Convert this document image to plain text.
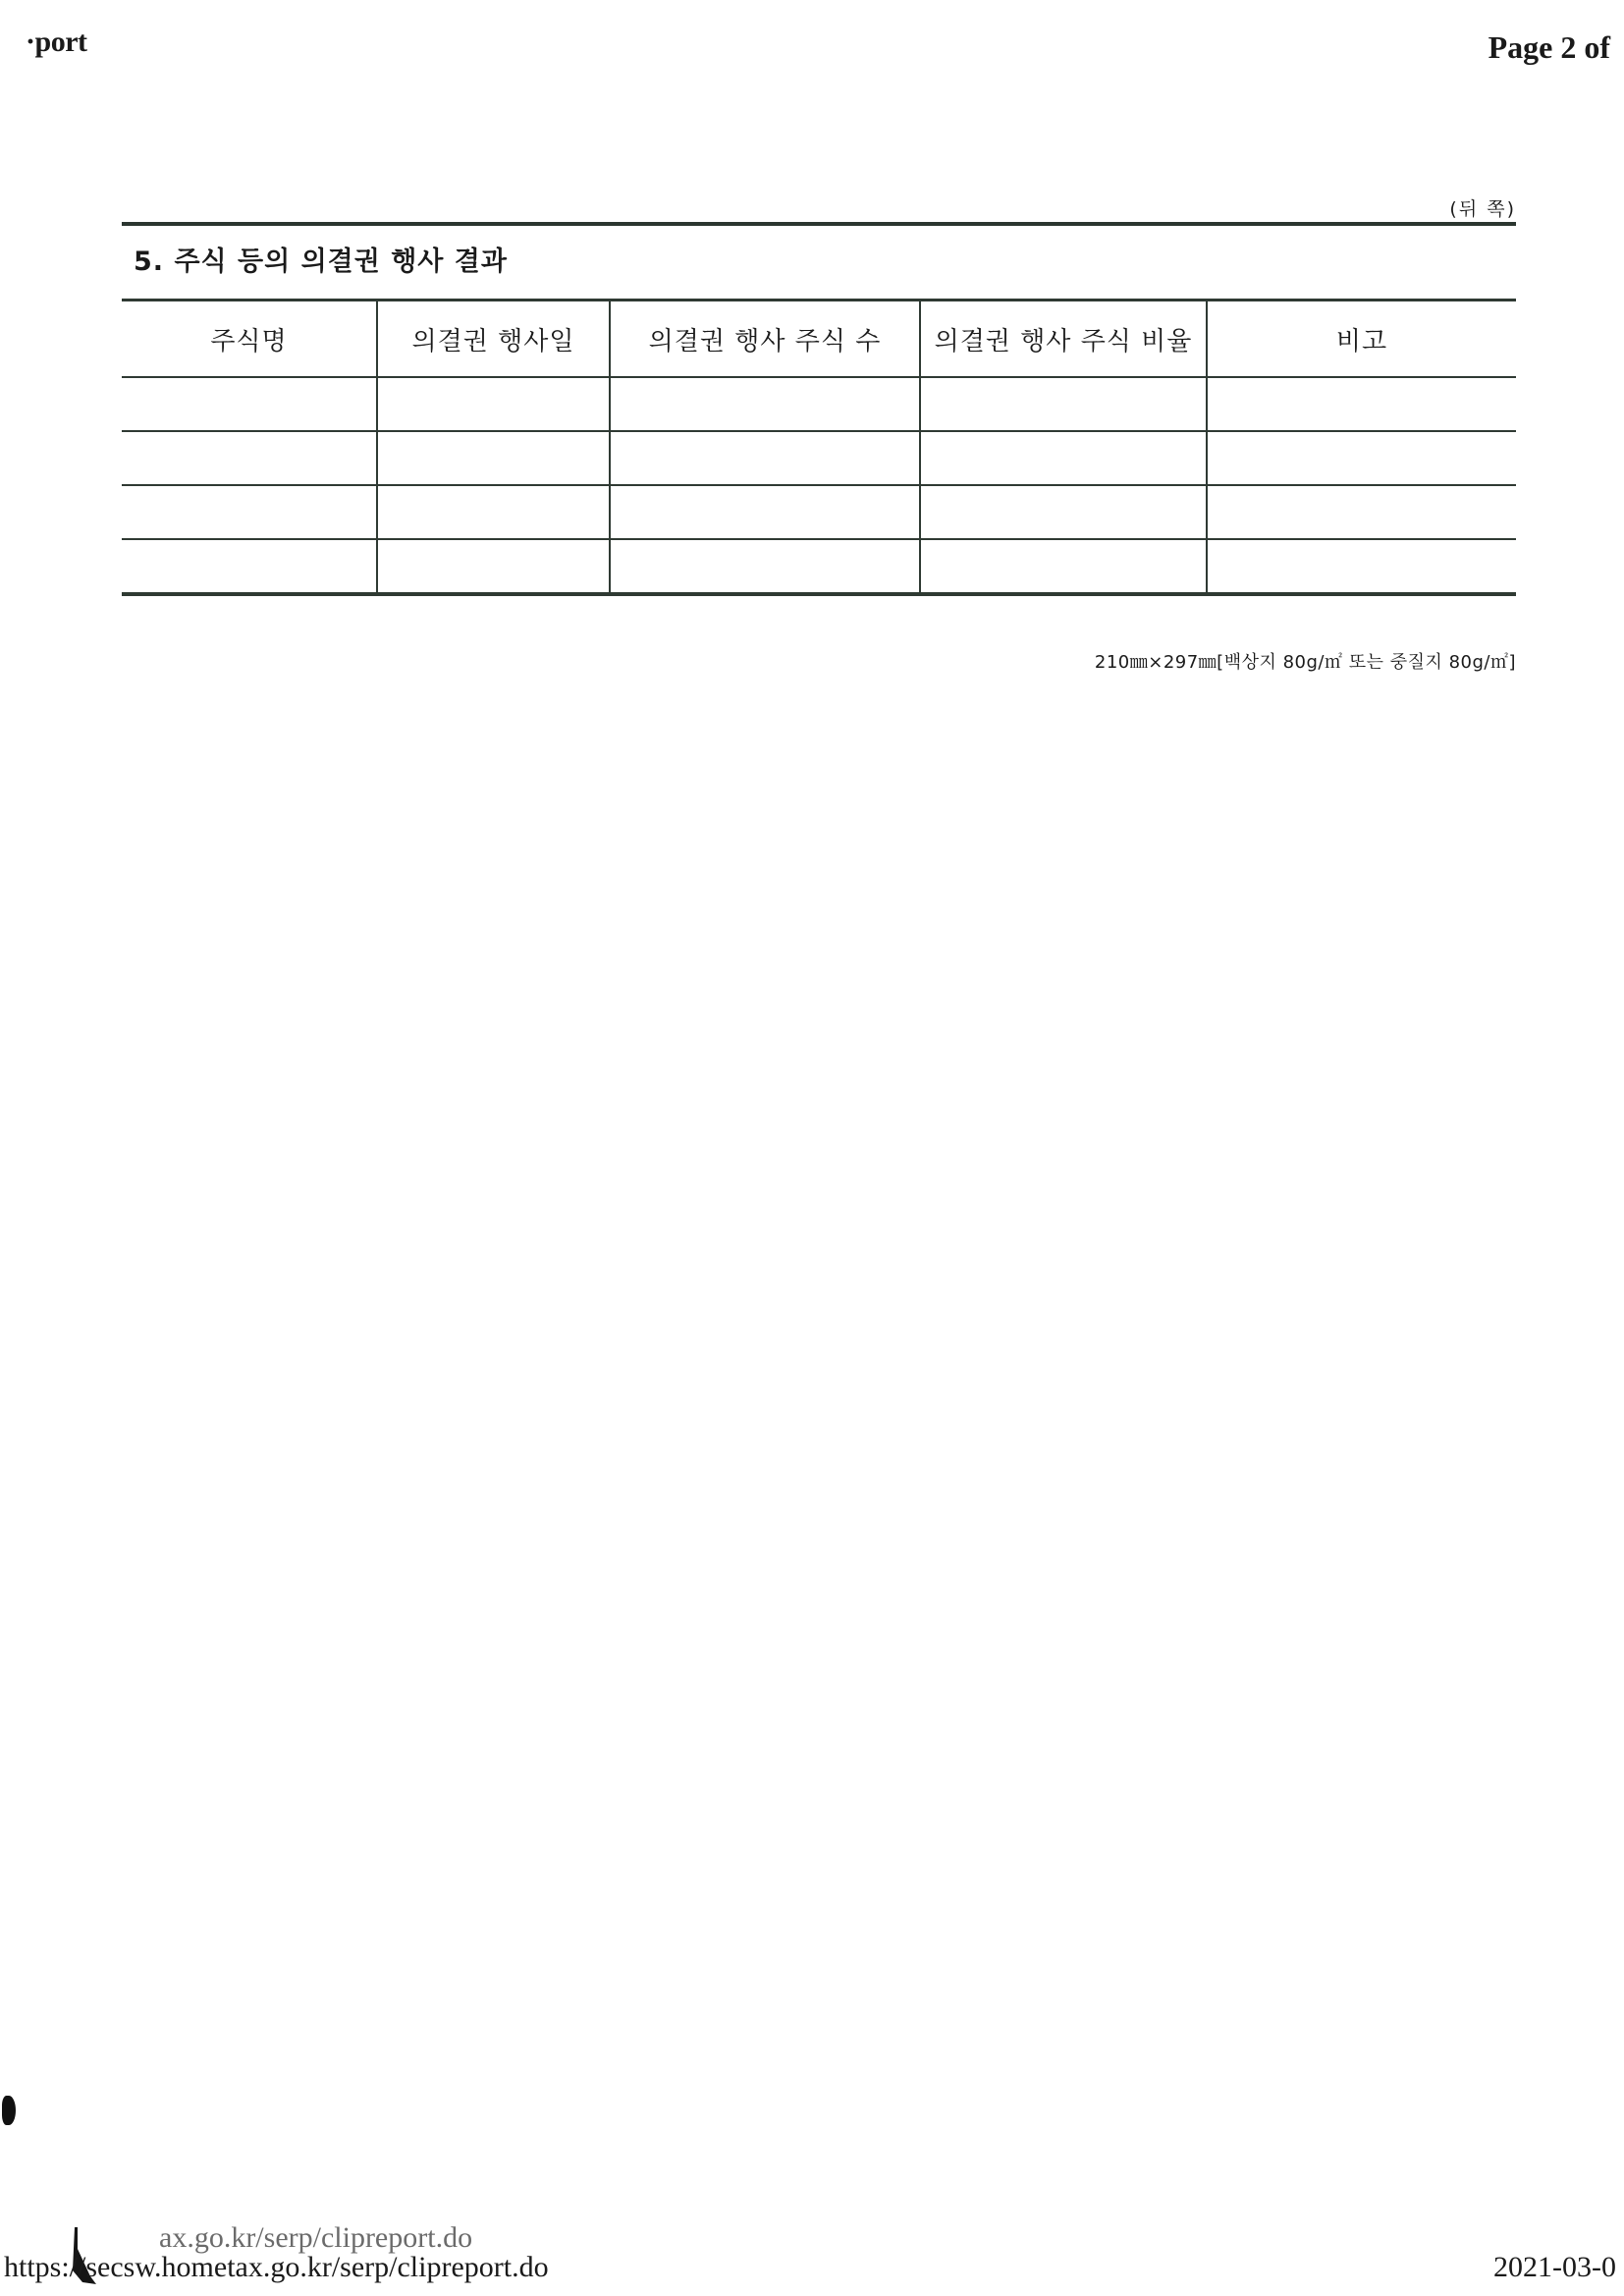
·port	Page 2 of
(뒤 쪽)
5. 주식 등의 의결권 행사 결과
주식명	의결권 행사일	의결권 행사 주식 수	의결권 행사 주식 비율	비고

210㎜×297㎜[백상지 80g/㎡ 또는 중질지 80g/㎡]
ax.go.kr/serp/clipreport.do
https://secsw.hometax.go.kr/serp/clipreport.do	2021-03-0
